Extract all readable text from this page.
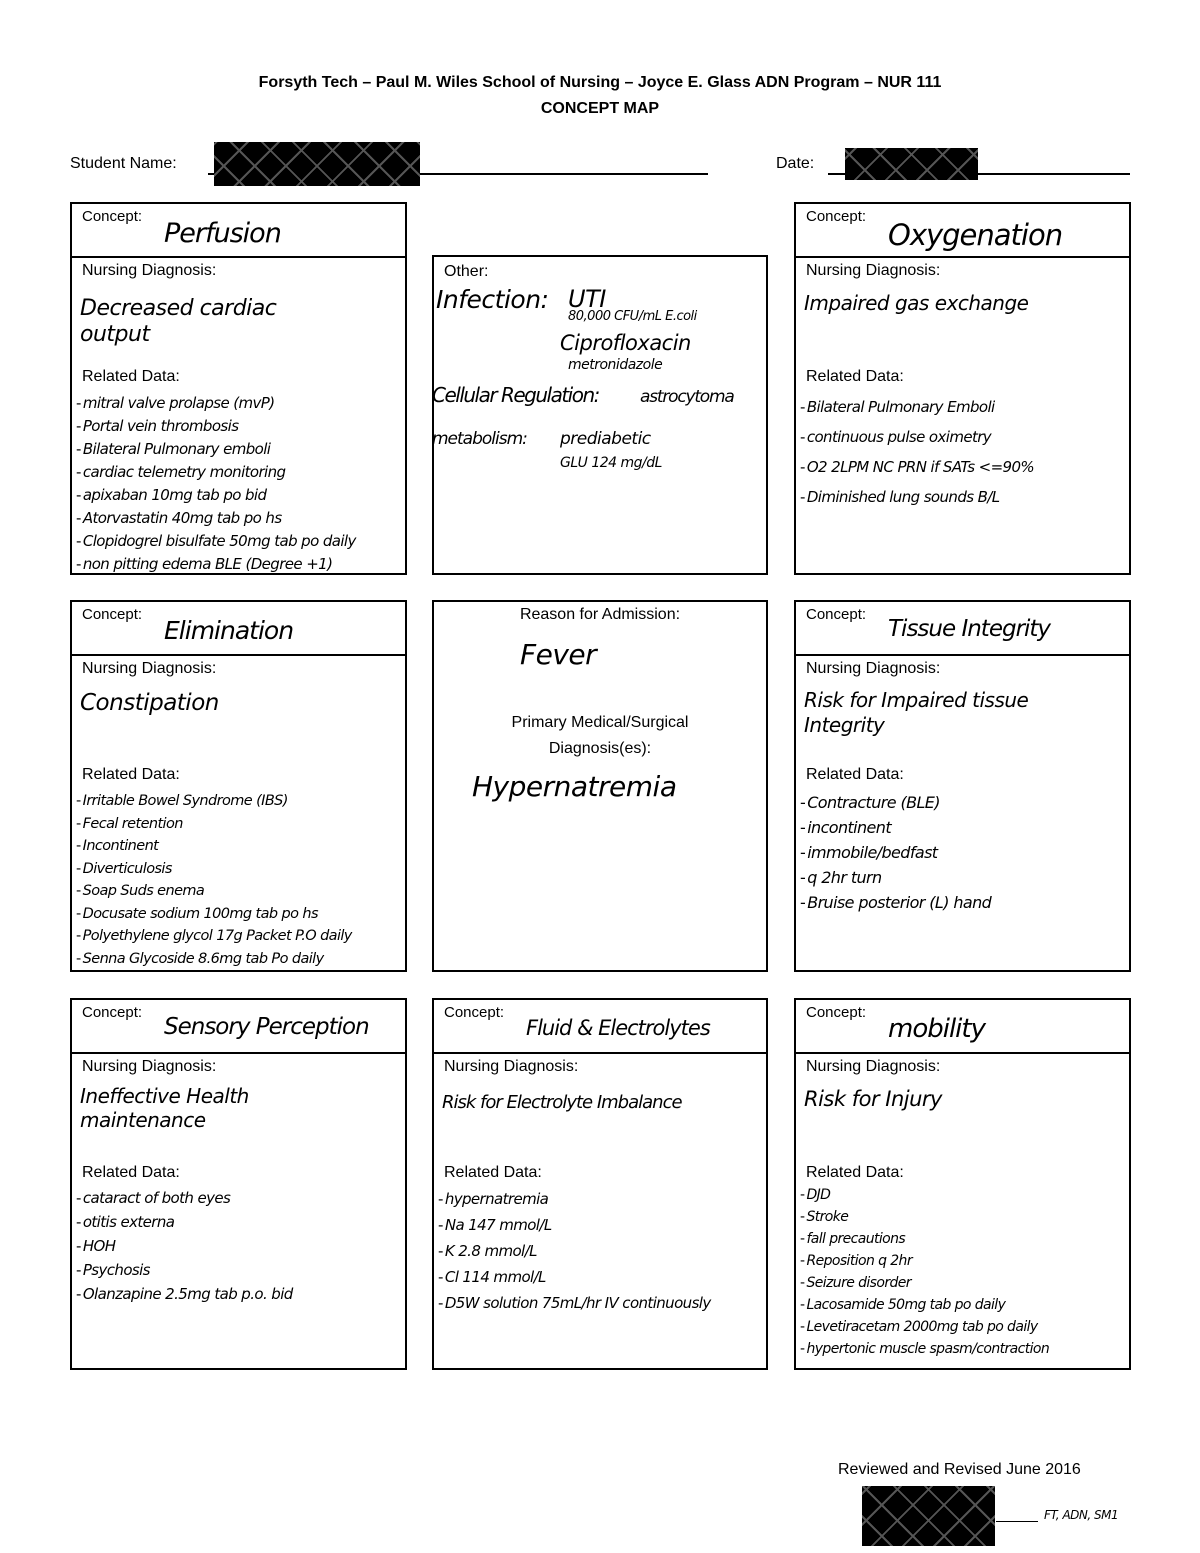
Forsyth Tech – Paul M. Wiles School of Nursing – Joyce E. Glass ADN Program – NUR 111
CONCEPT MAP
Student Name:	Date:
Concept:
Perfusion
Nursing Diagnosis:
Decreased cardiac output
Related Data:
- mitral valve prolapse (mvP)
- Portal vein thrombosis
- Bilateral Pulmonary emboli
- cardiac telemetry monitoring
- apixaban 10mg tab po bid
- Atorvastatin 40mg tab po hs
- Clopidogrel bisulfate 50mg tab po daily
- non pitting edema BLE (Degree +1)
Other:
Infection: UTI
80,000 CFU/mL E.coli
Ciprofloxacin
metronidazole
Cellular Regulation: astrocytoma
metabolism: prediabetic
GLU 124 mg/dL
Concept:
Oxygenation
Nursing Diagnosis:
Impaired gas exchange
Related Data:
- Bilateral Pulmonary Emboli
- continuous pulse oximetry
- O2 2LPM NC PRN if SATs <=90%
- Diminished lung sounds B/L
Concept:
Elimination
Nursing Diagnosis:
Constipation
Related Data:
- Irritable Bowel Syndrome (IBS)
- Fecal retention
- Incontinent
- Diverticulosis
- Soap Suds enema
- Docusate sodium 100mg tab po hs
- Polyethylene glycol 17g Packet P.O daily
- Senna Glycoside 8.6mg tab Po daily
Reason for Admission:
Fever
Primary Medical/Surgical Diagnosis(es):
Hypernatremia
Concept:
Tissue Integrity
Nursing Diagnosis:
Risk for Impaired tissue Integrity
Related Data:
- Contracture (BLE)
- incontinent
- immobile/bedfast
- q 2hr turn
- Bruise posterior (L) hand
Concept:
Sensory Perception
Nursing Diagnosis:
Ineffective Health maintenance
Related Data:
- cataract of both eyes
- otitis externa
- HOH
- Psychosis
- Olanzapine 2.5mg tab p.o. bid
Concept:
Fluid & Electrolytes
Nursing Diagnosis:
Risk for Electrolyte Imbalance
Related Data:
- hypernatremia
- Na 147 mmol/L
- K 2.8 mmol/L
- Cl 114 mmol/L
- D5W solution 75mL/hr IV continuously
Concept:
mobility
Nursing Diagnosis:
Risk for Injury
Related Data:
- DJD
- Stroke
- fall precautions
- Reposition q 2hr
- Seizure disorder
- Lacosamide 50mg tab po daily
- Levetiracetam 2000mg tab po daily
- hypertonic muscle spasm/contraction
Reviewed and Revised June 2016
FT, ADN, SM1
